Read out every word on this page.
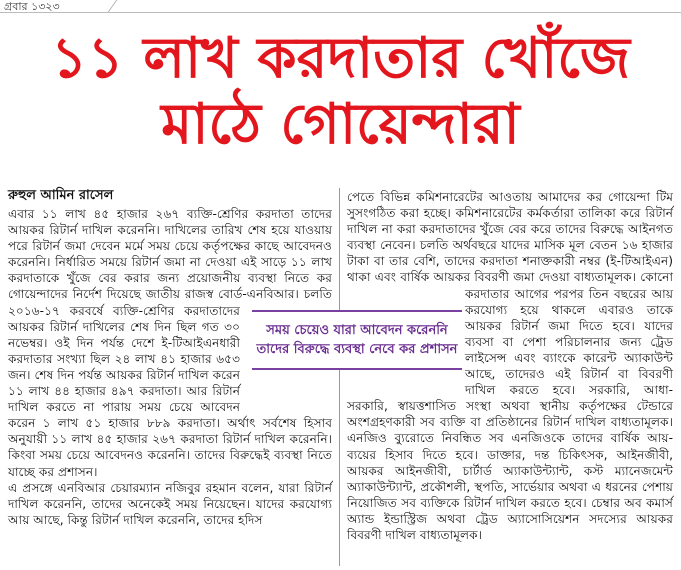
গ্রবার ১৩২৩
১১ লাখ করদাতার খোঁজে
মাঠে গোয়েন্দারা
রুহুল আমিন রাসেল

এবার ১১ লাখ ৪৫ হাজার ২৬৭ ব্যক্তি-শ্রেণির করদাতা তাদের আয়কর রিটার্ন দাখিল করেননি। দাখিলের তারিখ শেষ হয়ে যাওয়ায় পরে রিটার্ন জমা দেবেন মর্মে সময় চেয়ে কর্তৃপক্ষের কাছে আবেদনও করেননি। নির্ধারিত সময়ে রিটার্ন জমা না দেওয়া এই সাড়ে ১১ লাখ করদাতাকে খুঁজে বের করার জন্য প্রয়োজনীয় ব্যবস্থা নিতে কর গোয়েন্দাদের নির্দেশ দিয়েছে জাতীয় রাজস্ব বোর্ড-এনবিআর। চলতি ২০১৬-১৭ করবর্ষে ব্যক্তি-শ্রেণির করদাতাদের আয়কর রিটার্ন দাখিলের শেষ দিন ছিল গত ৩০ নভেম্বর। ওই দিন পর্যন্ত দেশে ই-টিআইএনধারী করদাতার সংখ্যা ছিল ২৪ লাখ ৪১ হাজার ৬৫৩ জন। শেষ দিন পর্যন্ত আয়কর রিটার্ন দাখিল করেন ১১ লাখ ৪৪ হাজার ৪৯৭ করদাতা। আর রিটার্ন দাখিল করতে না পারায় সময় চেয়ে আবেদন করেন ১ লাখ ৫১ হাজার ৮৮৯ করদাতা। অর্থাৎ সর্বশেষ হিসাব অনুযায়ী ১১ লাখ ৪৫ হাজার ২৬৭ করদাতা রিটার্ন দাখিল করেননি। কিংবা সময় চেয়ে আবেদনও করেননি। তাদের বিরুদ্ধেই ব্যবস্থা নিতে যাচ্ছে কর প্রশাসন।

এ প্রসঙ্গে এনবিআর চেয়ারম্যান নজিবুর রহমান বলেন, যারা রিটার্ন দাখিল করেননি, তাদের অনেকেই সময় নিয়েছেন। যাদের করযোগ্য আয় আছে, কিন্তু রিটার্ন দাখিল করেননি, তাদের হদিস

পেতে বিভিন্ন কমিশনারেটের আওতায় আমাদের কর গোয়েন্দা টিম সুসংগঠিত করা হচ্ছে। কমিশনারেটের কর্মকর্তারা তালিকা করে রিটার্ন দাখিল না করা করদাতাদের খুঁজে বের করে তাদের বিরুদ্ধে আইনগত ব্যবস্থা নেবেন। চলতি অর্থবছরে যাদের মাসিক মূল বেতন ১৬ হাজার টাকা বা তার বেশি, তাদের করদাতা শনাক্তকারী নম্বর (ই-টিআইএন) থাকা এবং বার্ষিক আয়কর বিবরণী জমা দেওয়া বাধ্যতামূলক। কোনো করদাতার আগের পরপর তিন বছরের আয় করযোগ্য হয়ে থাকলে এবারও তাকে আয়কর রিটার্ন জমা দিতে হবে। যাদের ব্যবসা বা পেশা পরিচালনার জন্য ট্রেড লাইসেন্স এবং ব্যাংকে কারেন্ট অ্যাকাউন্ট আছে, তাদেরও এই রিটার্ন বা বিবরণী দাখিল করতে হবে। সরকারি, আধা-সরকারি, স্বায়ত্তশাসিত সংস্থা অথবা স্থানীয় কর্তৃপক্ষের টেন্ডারে অংশগ্রহণকারী সব ব্যক্তি বা প্রতিষ্ঠানের রিটার্ন দাখিল বাধ্যতামূলক। এনজিও ব্যুরোতে নিবন্ধিত সব এনজিওকে তাদের বার্ষিক আয়-ব্যয়ের হিসাব দিতে হবে। ডাক্তার, দন্ত চিকিৎসক, আইনজীবী, আয়কর আইনজীবী, চার্টার্ড অ্যাকাউন্ট্যান্ট, কস্ট ম্যানেজমেন্ট অ্যাকাউন্ট্যান্ট, প্রকৌশলী, স্থপতি, সার্ভেয়ার অথবা এ ধরনের পেশায় নিয়োজিত সব ব্যক্তিকে রিটার্ন দাখিল করতে হবে। চেম্বার অব কমার্স অ্যান্ড ইন্ডাস্ট্রিজ অথবা ট্রেড অ্যাসোসিয়েশন সদস্যের আয়কর বিবরণী দাখিল বাধ্যতামূলক।

সময় চেয়েও যারা আবেদন করেননি তাদের বিরুদ্ধে ব্যবস্থা নেবে কর প্রশাসন
